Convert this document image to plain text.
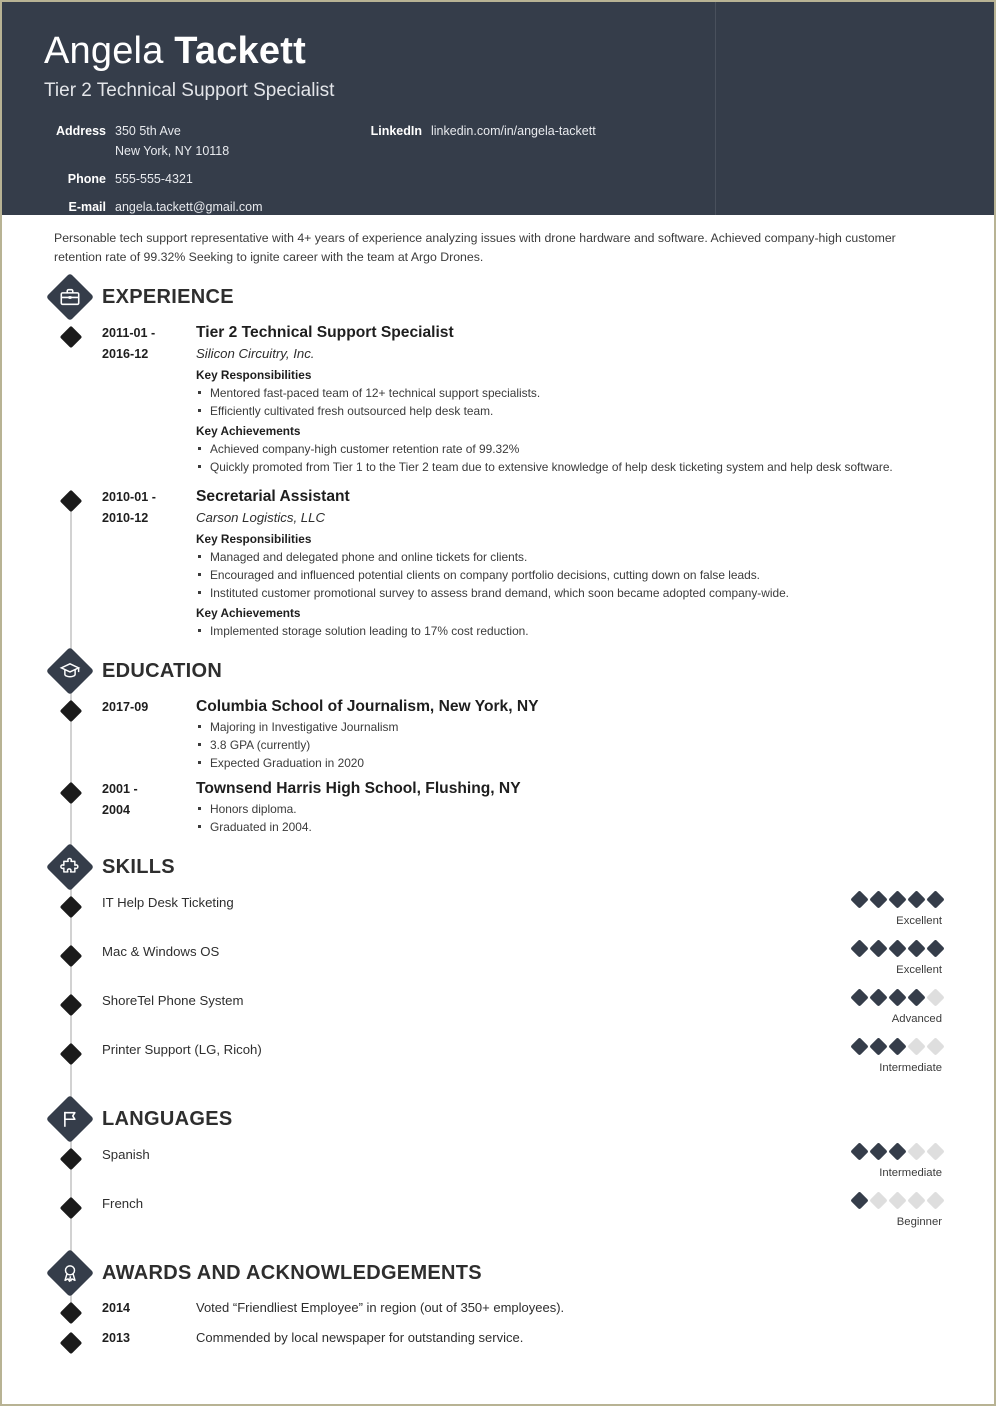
Angela Tackett
Tier 2 Technical Support Specialist
Address 350 5th Ave
New York, NY 10118
Phone 555-555-4321
E-mail angela.tackett@gmail.com
LinkedIn linkedin.com/in/angela-tackett
Personable tech support representative with 4+ years of experience analyzing issues with drone hardware and software. Achieved company-high customer retention rate of 99.32% Seeking to ignite career with the team at Argo Drones.
EXPERIENCE
2011-01 -
2016-12
Tier 2 Technical Support Specialist
Silicon Circuitry, Inc.
Key Responsibilities
Mentored fast-paced team of 12+ technical support specialists.
Efficiently cultivated fresh outsourced help desk team.
Key Achievements
Achieved company-high customer retention rate of 99.32%
Quickly promoted from Tier 1 to the Tier 2 team due to extensive knowledge of help desk ticketing system and help desk software.
2010-01 -
2010-12
Secretarial Assistant
Carson Logistics, LLC
Key Responsibilities
Managed and delegated phone and online tickets for clients.
Encouraged and influenced potential clients on company portfolio decisions, cutting down on false leads.
Instituted customer promotional survey to assess brand demand, which soon became adopted company-wide.
Key Achievements
Implemented storage solution leading to 17% cost reduction.
EDUCATION
2017-09	Columbia School of Journalism, New York, NY
Majoring in Investigative Journalism
3.8 GPA (currently)
Expected Graduation in 2020
2001 -
2004
Townsend Harris High School, Flushing, NY
Honors diploma.
Graduated in 2004.
SKILLS
IT Help Desk Ticketing

Excellent
Mac & Windows OS

Excellent
ShoreTel Phone System

Advanced
Printer Support (LG, Ricoh)

Intermediate
LANGUAGES
Spanish

Intermediate
French

Beginner
AWARDS AND ACKNOWLEDGEMENTS
2014	Voted “Friendliest Employee” in region (out of 350+ employees).
2013	Commended by local newspaper for outstanding service.
